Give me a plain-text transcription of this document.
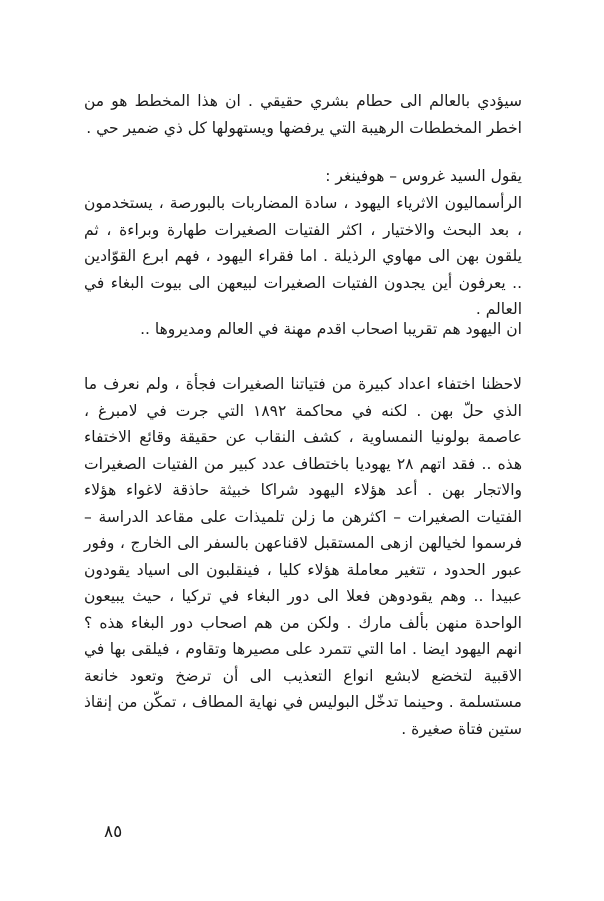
سيؤدي بالعالم الى حطام بشري حقيقي . ان هذا المخطط هو من اخطر المخططات الرهيبة التي يرفضها ويستهولها كل ذي ضمير حي .

يقول السيد غروس – هوفينغر :

الرأسماليون الاثرياء اليهود ، سادة المضاربات بالبورصة ، يستخدمون ، بعد البحث والاختيار ، اكثر الفتيات الصغيرات طهارة وبراءة ، ثم يلقون بهن الى مهاوي الرذيلة . اما فقراء اليهود ، فهم ابرع القوّادين .. يعرفون أين يجدون الفتيات الصغيرات لبيعهن الى بيوت البغاء في العالم .

ان اليهود هم تقريبا اصحاب اقدم مهنة في العالم ومديروها ..

لاحظنا اختفاء اعداد كبيرة من فتياتنا الصغيرات فجأة ، ولم نعرف ما الذي حلّ بهن . لكنه في محاكمة ١٨٩٢ التي جرت في لامبرغ ، عاصمة بولونيا النمساوية ، كشف النقاب عن حقيقة وقائع الاختفاء هذه .. فقد اتهم ٢٨ يهوديا باختطاف عدد كبير من الفتيات الصغيرات والاتجار بهن . أعد هؤلاء اليهود شراكا خبيثة حاذقة لاغواء هؤلاء الفتيات الصغيرات – اكثرهن ما زلن تلميذات على مقاعد الدراسة – فرسموا لخيالهن ازهى المستقبل لاقناعهن بالسفر الى الخارج ، وفور عبور الحدود ، تتغير معاملة هؤلاء كليا ، فينقلبون الى اسياد يقودون عبيدا .. وهم يقودوهن فعلا الى دور البغاء في تركيا ، حيث يبيعون الواحدة منهن بألف مارك . ولكن من هم اصحاب دور البغاء هذه ؟ انهم اليهود ايضا . اما التي تتمرد على مصيرها وتقاوم ، فيلقى بها في الاقبية لتخضع لابشع انواع التعذيب الى أن ترضخ وتعود خانعة مستسلمة . وحينما تدخّل البوليس في نهاية المطاف ، تمكّن من إنقاذ ستين فتاة صغيرة .

٨٥
